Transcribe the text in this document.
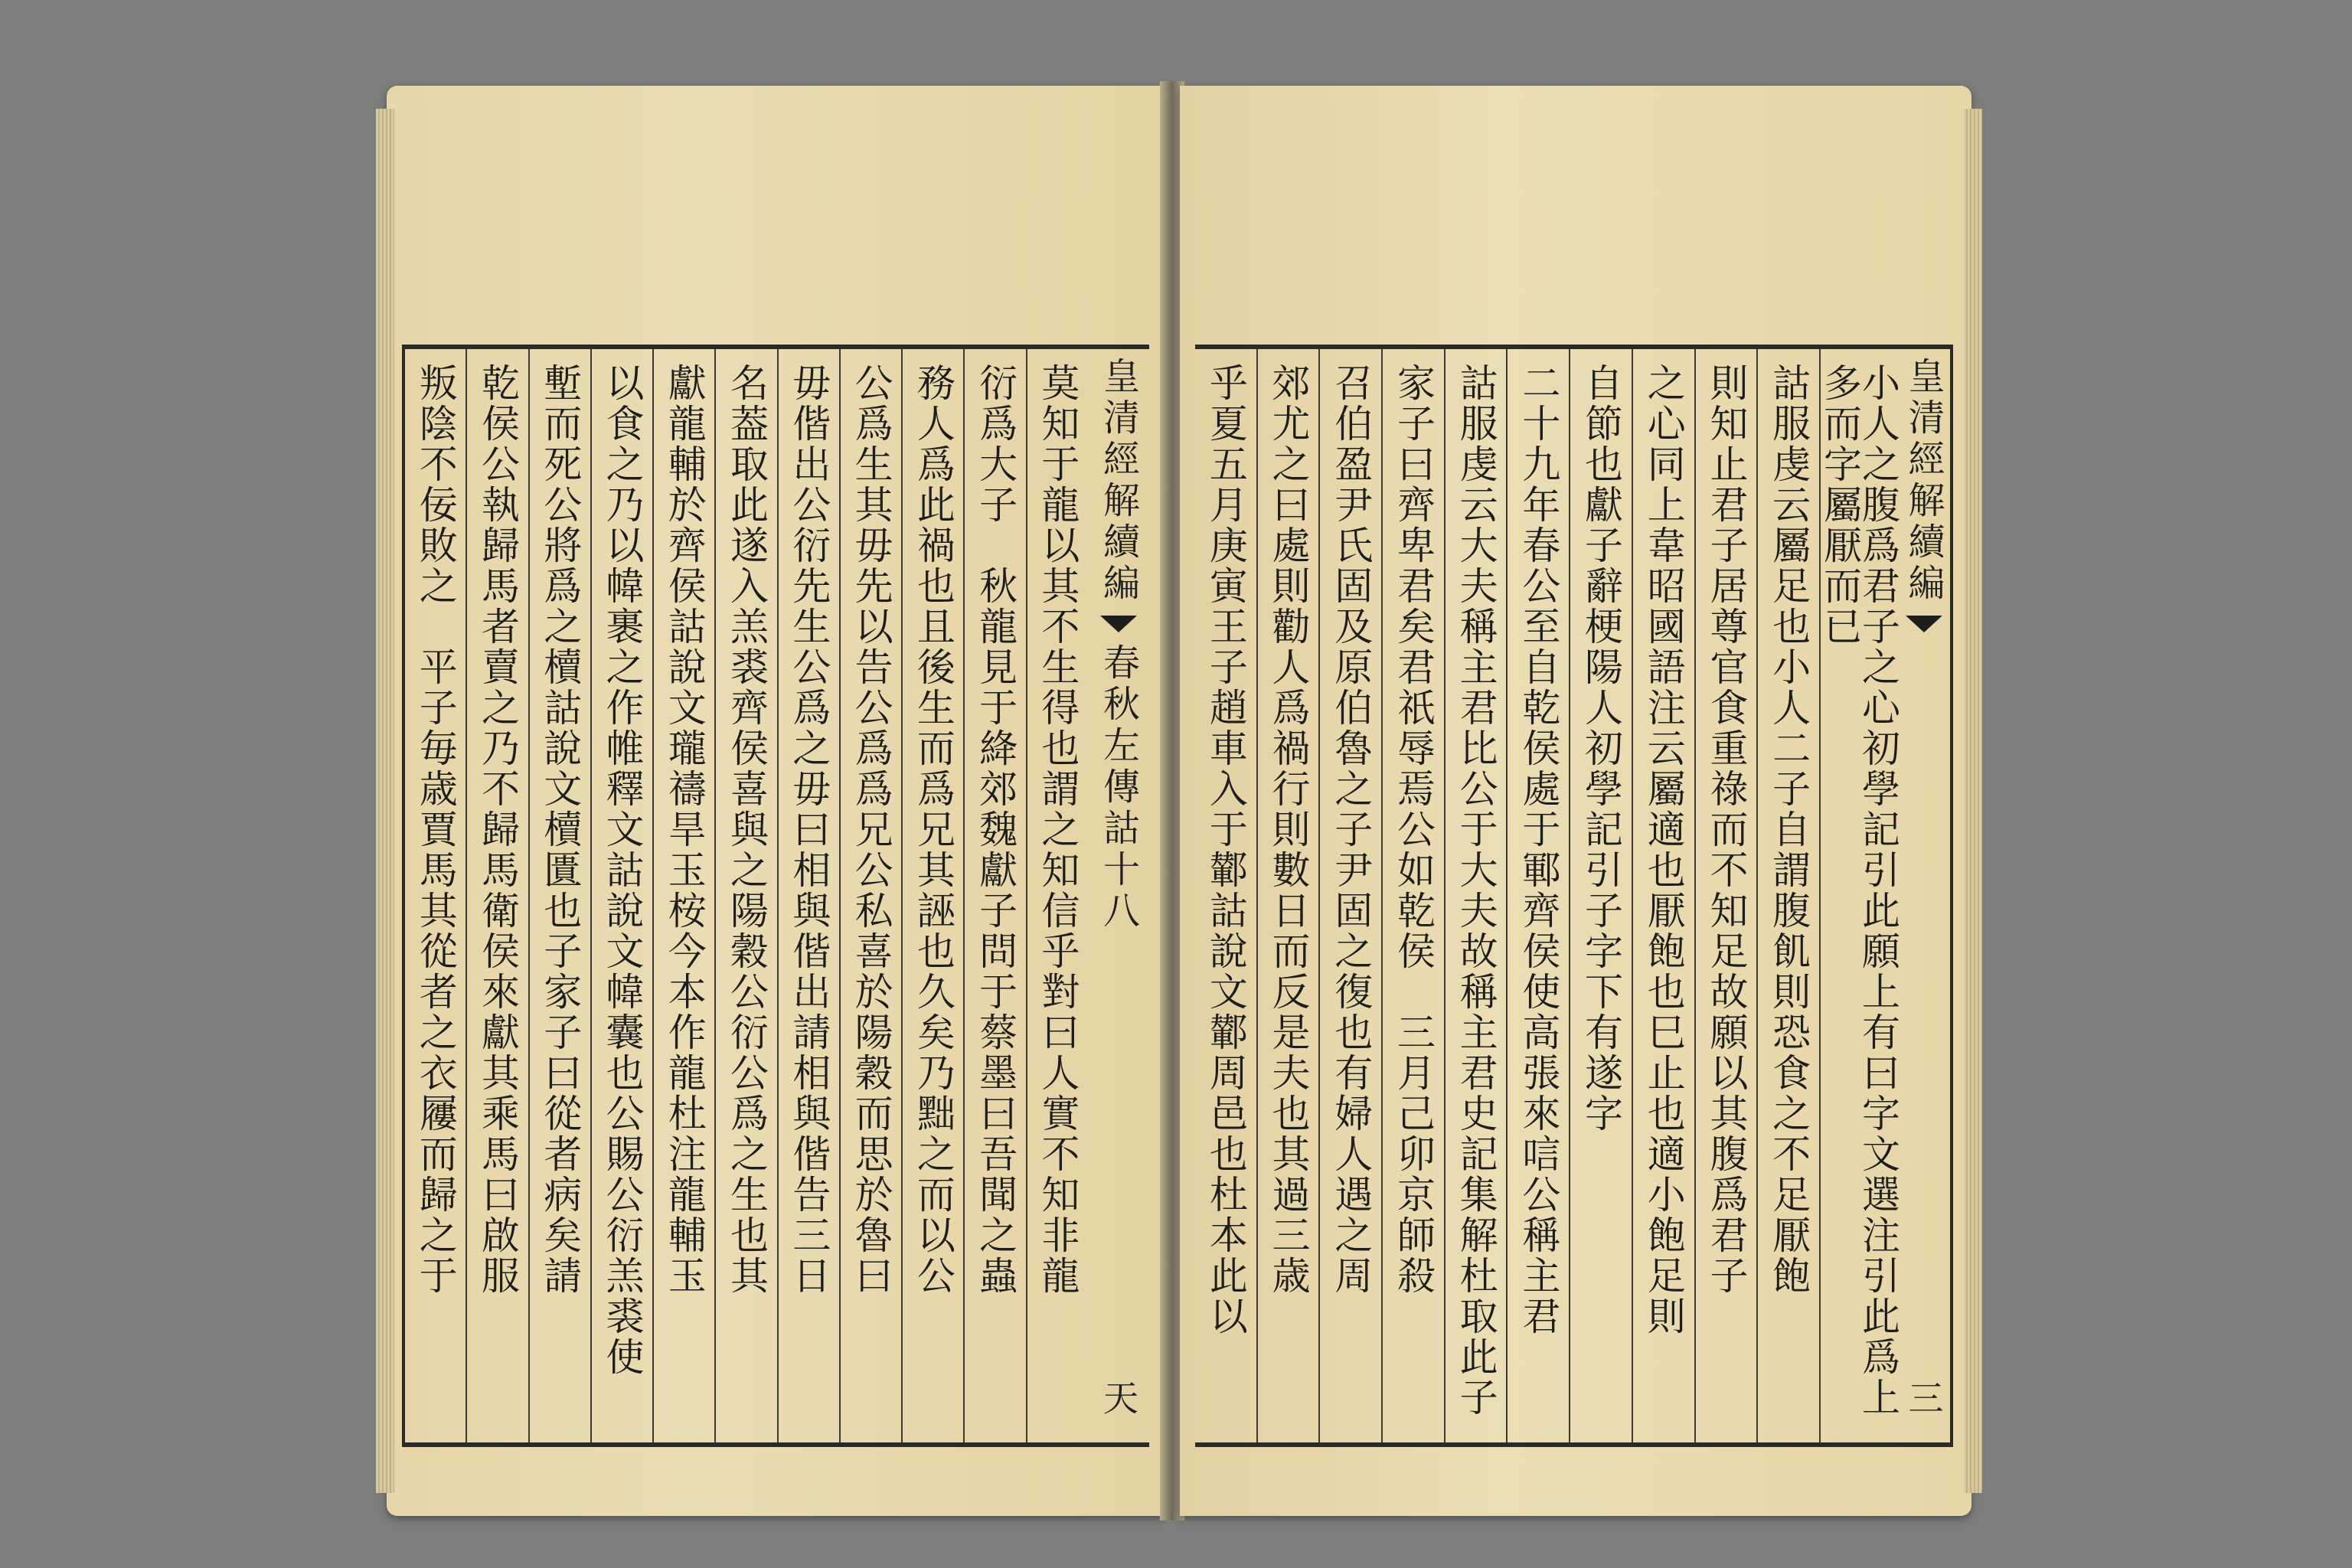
皇清經解續編
春秋左傳詁十八
天
莫知于龍以其不生得也謂之知信乎對曰人實不知非龍
衍爲大子　秋龍見于絳郊魏獻子問于蔡墨曰吾聞之蟲
務人爲此禍也且後生而爲兄其誣也久矣乃黜之而以公
公爲生其毋先以告公爲爲兄公私喜於陽穀而思於魯曰
毋偕出公衍先生公爲之毋曰相與偕出請相與偕告三日
名葢取此遂入羔裘齊侯喜與之陽穀公衍公爲之生也其
獻龍輔於齊侯詁說文瓏禱旱玉桉今本作龍杜注龍輔玉
以食之乃以幃裹之作帷釋文詁說文幃囊也公賜公衍羔裘使
塹而死公將爲之櫝詁說文櫝匱也子家子曰從者病矣請
乾侯公執歸馬者賣之乃不歸馬衛侯來獻其乘馬曰啟服
叛陰不佞敗之　平子毎歳賈馬其從者之衣屨而歸之于	皇清經解續編
三
小人之腹爲君子之心初學記引此願上有曰字文選注引此爲上多而字屬厭而已
詁服虔云屬足也小人二子自謂腹飢則恐食之不足厭飽
則知止君子居尊官食重祿而不知足故願以其腹爲君子
之心同上韋昭國語注云屬適也厭飽也巳止也適小飽足則
自節也獻子辭梗陽人初學記引子字下有遂字
二十九年春公至自乾侯處于鄆齊侯使高張來唁公稱主君
詁服虔云大夫稱主君比公于大夫故稱主君史記集解杜取此子
家子曰齊卑君矣君祇辱焉公如乾侯　三月己卯京師殺
召伯盈尹氏固及原伯魯之子尹固之復也有婦人遇之周
郊尤之曰處則勸人爲禍行則數日而反是夫也其過三歳
乎夏五月庚寅王子趙車入于鄻詁說文鄻周邑也杜本此以
